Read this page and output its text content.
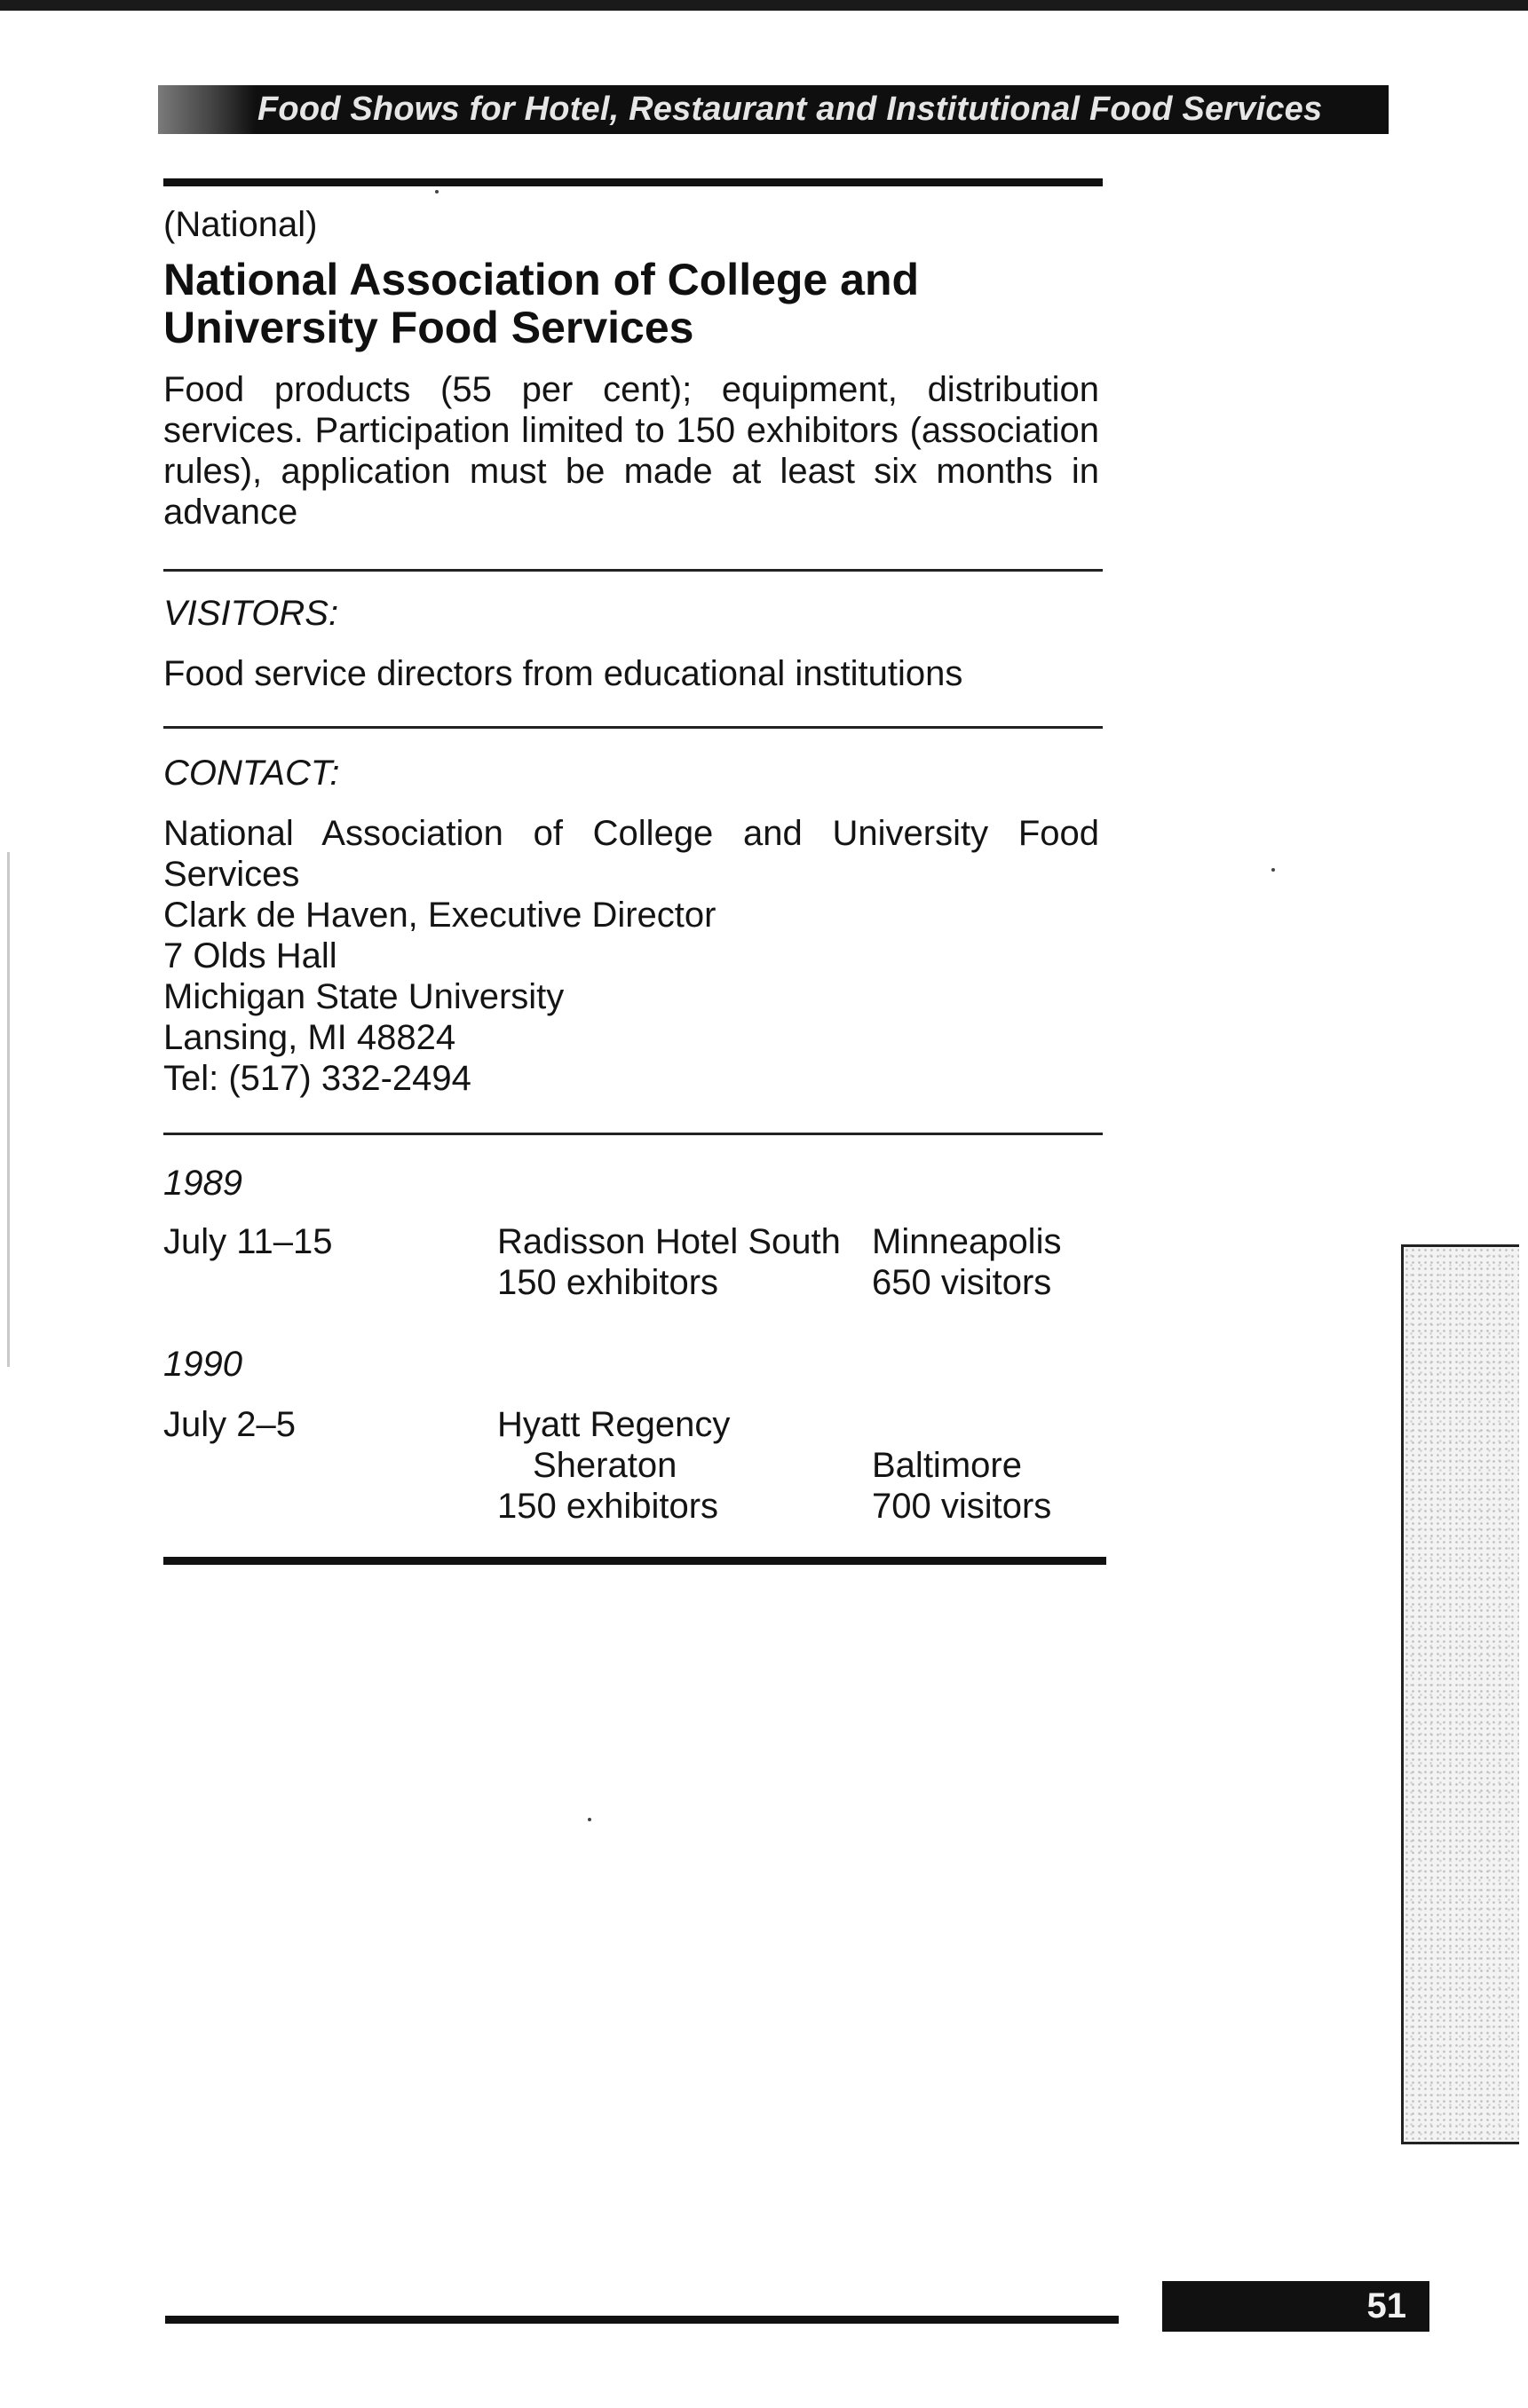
Food Shows for Hotel, Restaurant and Institutional Food Services
(National)
National Association of College and
University Food Services
Food products (55 per cent); equipment, distribution services. Participation limited to 150 exhibitors (association rules), application must be made at least six months in advance
VISITORS:
Food service directors from educational institutions
CONTACT:
National Association of College and University Food Services
Clark de Haven, Executive Director
7 Olds Hall
Michigan State University
Lansing, MI 48824
Tel: (517) 332-2494
1989
July 11–15	Radisson Hotel South
150 exhibitors
Minneapolis
650 visitors
1990
July 2–5	Hyatt Regency
Sheraton
150 exhibitors
Baltimore
700 visitors
51
